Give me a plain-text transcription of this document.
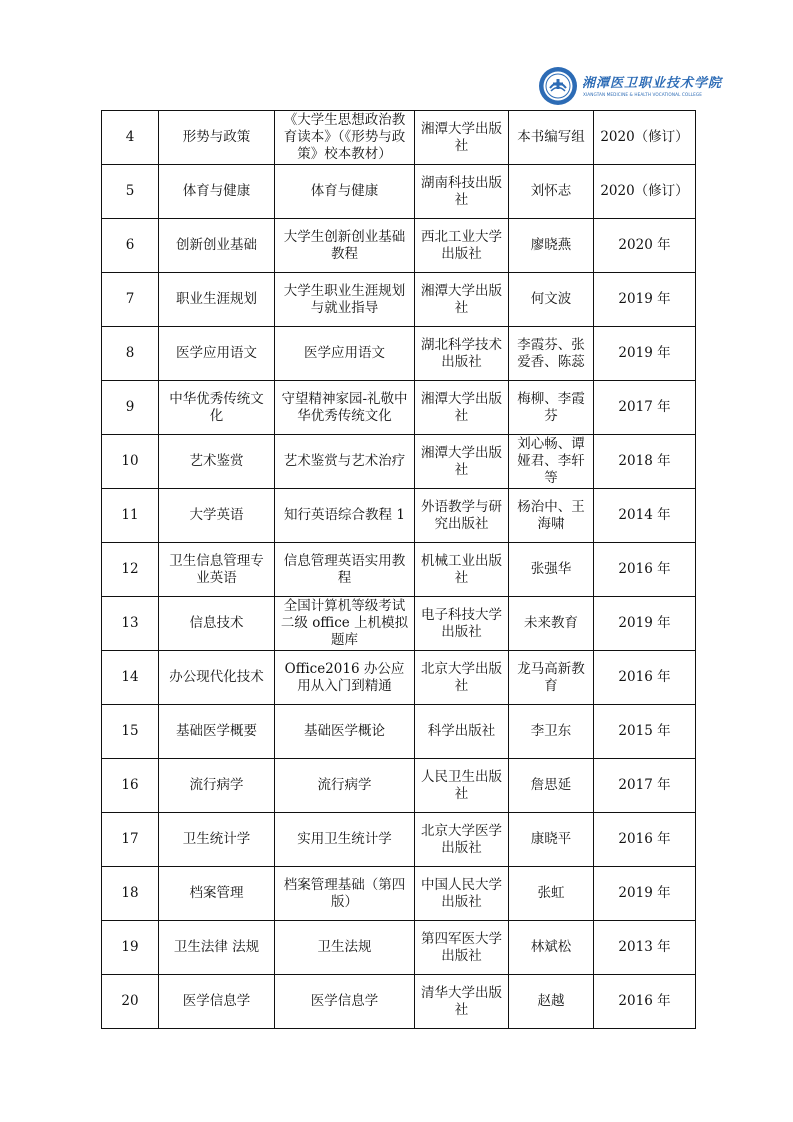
湘潭医卫职业技术学院
XIANGTAN MEDICINE & HEALTH VOCATIONAL COLLEGE
4	形势与政策	《大学生思想政治教育读本》（《形势与政策》校本教材）	湘潭大学出版社	本书编写组	2020（修订）
5	体育与健康	体育与健康	湖南科技出版社	刘怀志	2020（修订）
6	创新创业基础	大学生创新创业基础教程	西北工业大学出版社	廖晓燕	2020 年
7	职业生涯规划	大学生职业生涯规划与就业指导	湘潭大学出版社	何文波	2019 年
8	医学应用语文	医学应用语文	湖北科学技术出版社	李霞芬、张爱香、陈蕊	2019 年
9	中华优秀传统文化	守望精神家园-礼敬中华优秀传统文化	湘潭大学出版社	梅柳、李霞芬	2017 年
10	艺术鉴赏	艺术鉴赏与艺术治疗	湘潭大学出版社	刘心畅、谭娅君、李轩等	2018 年
11	大学英语	知行英语综合教程 1	外语教学与研究出版社	杨治中、王海啸	2014 年
12	卫生信息管理专业英语	信息管理英语实用教程	机械工业出版社	张强华	2016 年
13	信息技术	全国计算机等级考试二级 office 上机模拟题库	电子科技大学出版社	未来教育	2019 年
14	办公现代化技术	Office2016 办公应用从入门到精通	北京大学出版社	龙马高新教育	2016 年
15	基础医学概要	基础医学概论	科学出版社	李卫东	2015 年
16	流行病学	流行病学	人民卫生出版社	詹思延	2017 年
17	卫生统计学	实用卫生统计学	北京大学医学出版社	康晓平	2016 年
18	档案管理	档案管理基础（第四版）	中国人民大学出版社	张虹	2019 年
19	卫生法律 法规	卫生法规	第四军医大学出版社	林斌松	2013 年
20	医学信息学	医学信息学	清华大学出版社	赵越	2016 年
